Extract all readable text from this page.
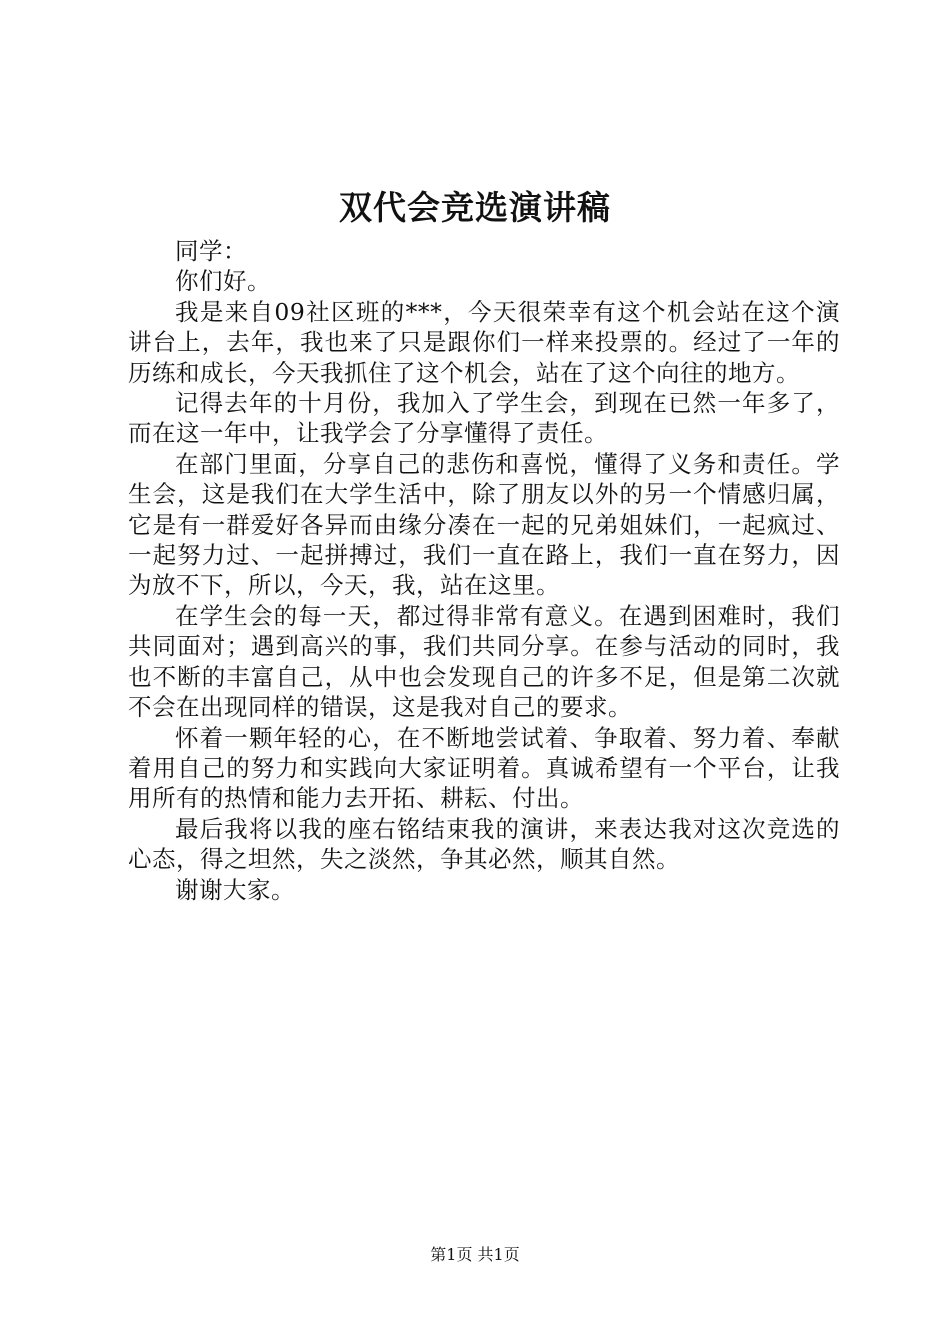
双代会竞选演讲稿

同学：

你们好。

我是来自09社区班的***，今天很荣幸有这个机会站在这个演讲台上，去年，我也来了只是跟你们一样来投票的。经过了一年的历练和成长，今天我抓住了这个机会，站在了这个向往的地方。

记得去年的十月份，我加入了学生会，到现在已然一年多了，而在这一年中，让我学会了分享懂得了责任。

在部门里面，分享自己的悲伤和喜悦，懂得了义务和责任。学生会，这是我们在大学生活中，除了朋友以外的另一个情感归属，它是有一群爱好各异而由缘分凑在一起的兄弟姐妹们，一起疯过、一起努力过、一起拼搏过，我们一直在路上，我们一直在努力，因为放不下，所以，今天，我，站在这里。

在学生会的每一天，都过得非常有意义。在遇到困难时，我们共同面对；遇到高兴的事，我们共同分享。在参与活动的同时，我也不断的丰富自己，从中也会发现自己的许多不足，但是第二次就不会在出现同样的错误，这是我对自己的要求。

怀着一颗年轻的心，在不断地尝试着、争取着、努力着、奉献着用自己的努力和实践向大家证明着。真诚希望有一个平台，让我用所有的热情和能力去开拓、耕耘、付出。

最后我将以我的座右铭结束我的演讲，来表达我对这次竞选的心态，得之坦然，失之淡然，争其必然，顺其自然。

谢谢大家。

第1页 共1页
